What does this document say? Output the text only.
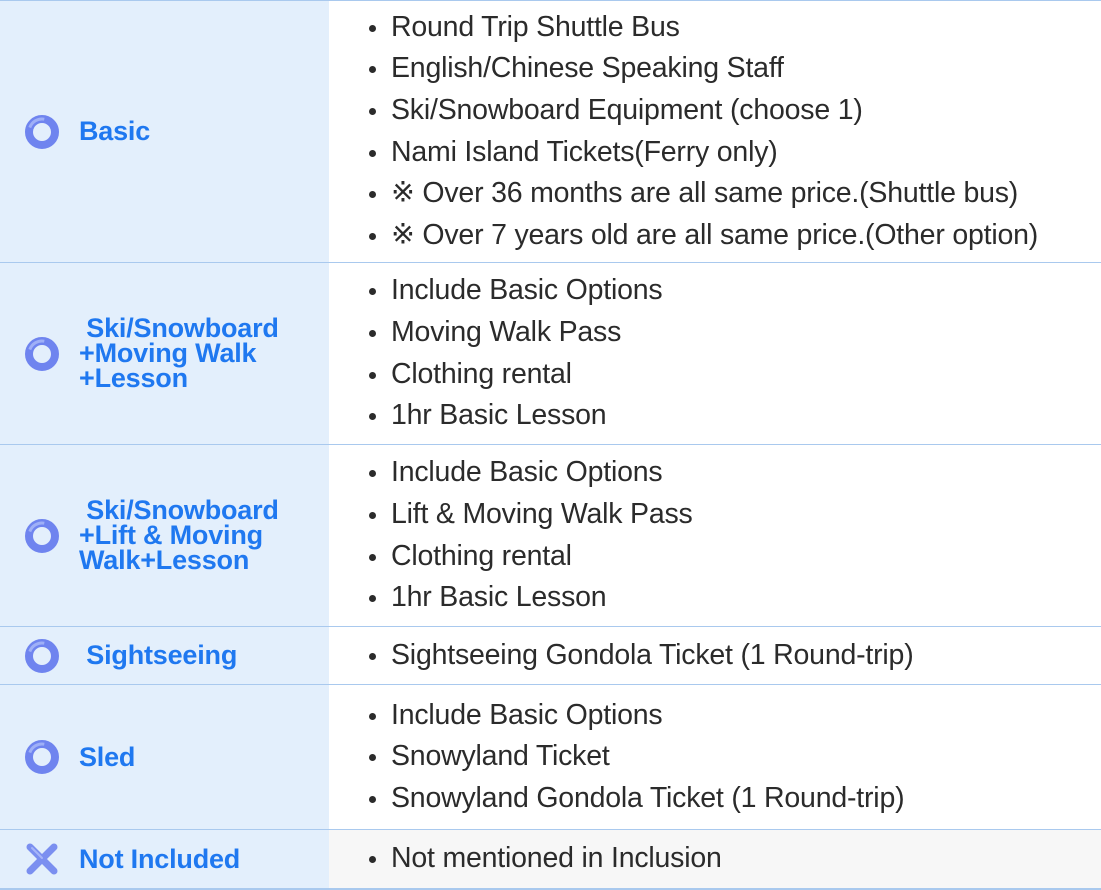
Basic
Round Trip Shuttle Bus
English/Chinese Speaking Staff
Ski/Snowboard Equipment (choose 1)
Nami Island Tickets(Ferry only)
※ Over 36 months are all same price.(Shuttle bus)
※ Over 7 years old are all same price.(Other option)
Ski/Snowboard
+Moving Walk
+Lesson
Include Basic Options
Moving Walk Pass
Clothing rental
1hr Basic Lesson
Ski/Snowboard
+Lift & Moving
Walk+Lesson
Include Basic Options
Lift & Moving Walk Pass
Clothing rental
1hr Basic Lesson
Sightseeing	Sightseeing Gondola Ticket (1 Round-trip)
Sled
Include Basic Options
Snowyland Ticket
Snowyland Gondola Ticket (1 Round-trip)
Not Included	Not mentioned in Inclusion
